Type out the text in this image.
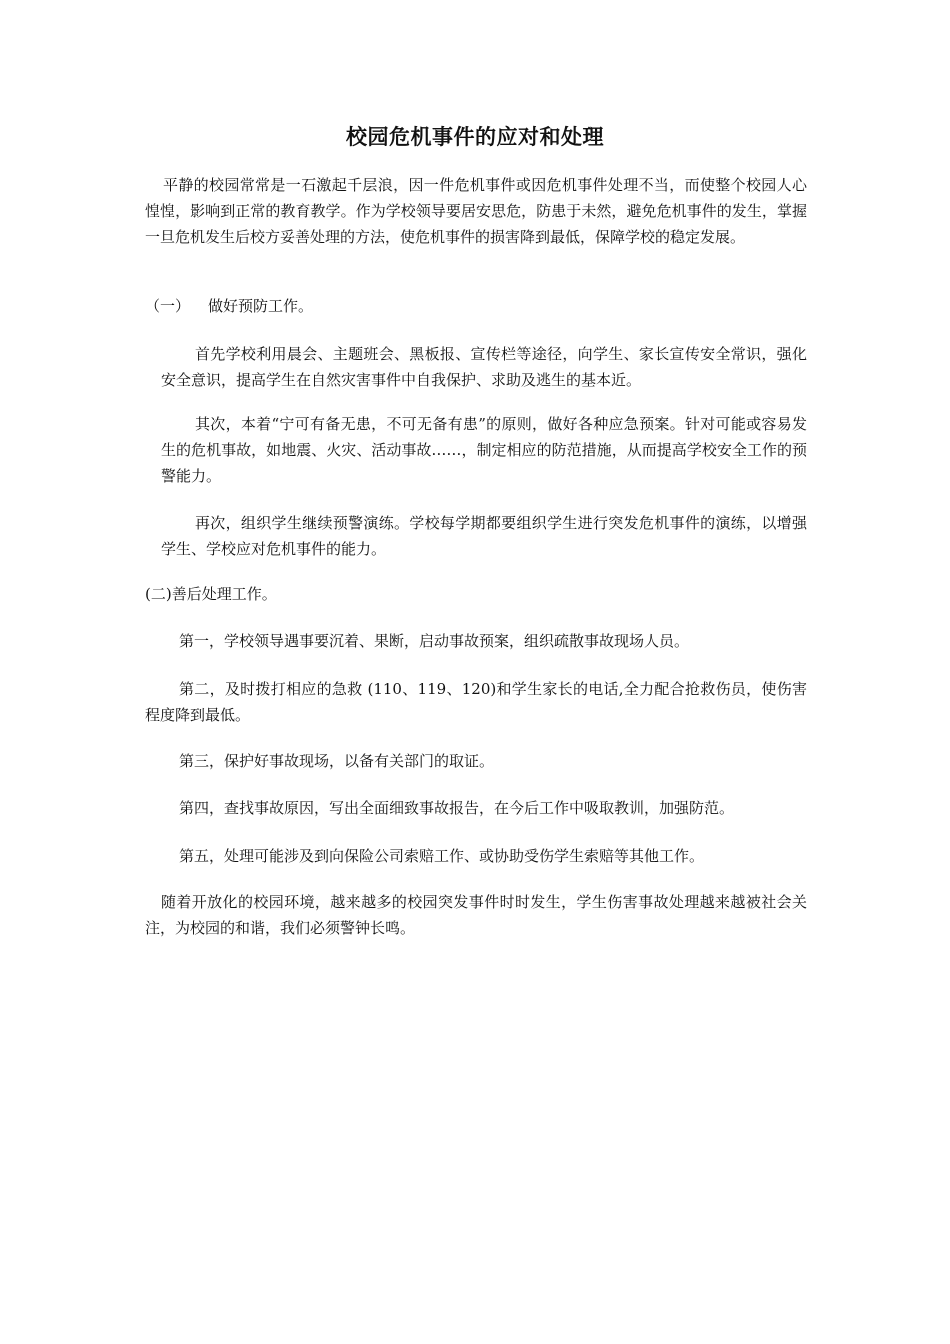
校园危机事件的应对和处理

平静的校园常常是一石激起千层浪，因一件危机事件或因危机事件处理不当，而使整个校园人心惶惶，影响到正常的教育教学。作为学校领导要居安思危，防患于未然，避免危机事件的发生，掌握一旦危机发生后校方妥善处理的方法，使危机事件的损害降到最低，保障学校的稳定发展。

（一） 做好预防工作。

首先学校利用晨会、主题班会、黑板报、宣传栏等途径，向学生、家长宣传安全常识，强化安全意识，提高学生在自然灾害事件中自我保护、求助及逃生的基本近。

其次，本着“宁可有备无患，不可无备有患”的原则，做好各种应急预案。针对可能或容易发生的危机事故，如地震、火灾、活动事故……，制定相应的防范措施，从而提高学校安全工作的预警能力。

再次，组织学生继续预警演练。学校每学期都要组织学生进行突发危机事件的演练，以增强学生、学校应对危机事件的能力。

(二)善后处理工作。

第一，学校领导遇事要沉着、果断，启动事故预案，组织疏散事故现场人员。

第二，及时拨打相应的急救 (110、119、120)和学生家长的电话,全力配合抢救伤员，使伤害程度降到最低。

第三，保护好事故现场，以备有关部门的取证。

第四，查找事故原因，写出全面细致事故报告，在今后工作中吸取教训，加强防范。

第五，处理可能涉及到向保险公司索赔工作、或协助受伤学生索赔等其他工作。

随着开放化的校园环境，越来越多的校园突发事件时时发生，学生伤害事故处理越来越被社会关注，为校园的和谐，我们必须警钟长鸣。
